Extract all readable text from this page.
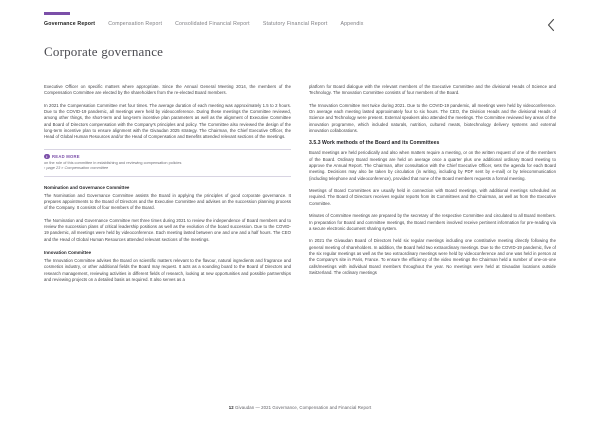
Governance Report	Compensation Report	Consolidated Financial Report	Statutory Financial Report	Appendix
Corporate governance

Executive Officer on specific matters where appropriate. Since the Annual General Meeting 2014, the members of the Compensation Committee are elected by the shareholders from the re-elected Board members.

In 2021 the Compensation Committee met four times. The average duration of each meeting was approximately 1.5 to 2 hours. Due to the COVID-19 pandemic, all meetings were held by videoconference. During these meetings the Committee reviewed, among other things, the short-term and long-term incentive plan parameters as well as the alignment of Executive Committee and Board of Directors compensation with the Company's principles and policy. The Committee also reviewed the design of the long-term incentive plan to ensure alignment with the Givaudan 2025 strategy. The Chairman, the Chief Executive Officer, the Head of Global Human Resources and/or the Head of Compensation and Benefits attended relevant sections of the meetings.

i	READ MORE
on the role of this committee in establishing and reviewing compensation policies
› page 23 » Compensation committee
Nomination and Governance Committee

The Nomination and Governance Committee assists the Board in applying the principles of good corporate governance. It prepares appointments to the Board of Directors and the Executive Committee and advises on the succession planning process of the Company. It consists of four members of the Board.

The Nomination and Governance Committee met three times during 2021 to review the independence of Board members and to review the succession plans of critical leadership positions as well as the evolution of the board succession. Due to the COVID-19 pandemic, all meetings were held by videoconference. Each meeting lasted between one and one and a half hours. The CEO and the Head of Global Human Resources attended relevant sections of the meetings.

Innovation Committee

The Innovation Committee advises the Board on scientific matters relevant to the flavour, natural ingredients and fragrance and cosmetics industry, or other additional fields the Board may request. It acts as a sounding board to the Board of Directors and research management, reviewing activities in different fields of research, looking at new opportunities and possible partnerships and reviewing projects on a detailed basis as required. It also serves as a

platform for Board dialogue with the relevant members of the Executive Committee and the divisional Heads of Science and Technology. The Innovation Committee consists of four members of the Board.

The Innovation Committee met twice during 2021. Due to the COVID-19 pandemic, all meetings were held by videoconference. On average each meeting lasted approximately four to six hours. The CEO, the Division Heads and the divisional Heads of Science and Technology were present. External speakers also attended the meetings. The Committee reviewed key areas of the innovation programme, which included naturals, nutrition, cultured meats, biotechnology delivery systems and external innovation collaborations.

3.5.3 Work methods of the Board and its Committees

Board meetings are held periodically and also when matters require a meeting, or on the written request of one of the members of the Board. Ordinary Board meetings are held on average once a quarter plus one additional ordinary Board meeting to approve the Annual Report. The Chairman, after consultation with the Chief Executive Officer, sets the agenda for each Board meeting. Decisions may also be taken by circulation (in writing, including by PDF sent by e-mail) or by telecommunication (including telephone and videoconference), provided that none of the Board members requests a formal meeting.

Meetings of Board Committees are usually held in connection with Board meetings, with additional meetings scheduled as required. The Board of Directors receives regular reports from its Committees and the Chairman, as well as from the Executive Committee.

Minutes of Committee meetings are prepared by the secretary of the respective Committee and circulated to all Board members. In preparation for Board and committee meetings, the Board members involved receive pertinent information for pre-reading via a secure electronic document sharing system.

In 2021 the Givaudan Board of Directors held six regular meetings including one constitutive meeting directly following the general meeting of shareholders. In addition, the Board held two extraordinary meetings. Due to the COVID-19 pandemic, five of the six regular meetings as well as the two extraordinary meetings were held by videoconference and one was held in person at the Company's site in Paris, France. To ensure the efficiency of the video meetings the Chairman held a number of one-on-one calls/meetings with individual Board members throughout the year. No meetings were held at Givaudan locations outside Switzerland. The ordinary meetings

12 Givaudan — 2021 Governance, Compensation and Financial Report
